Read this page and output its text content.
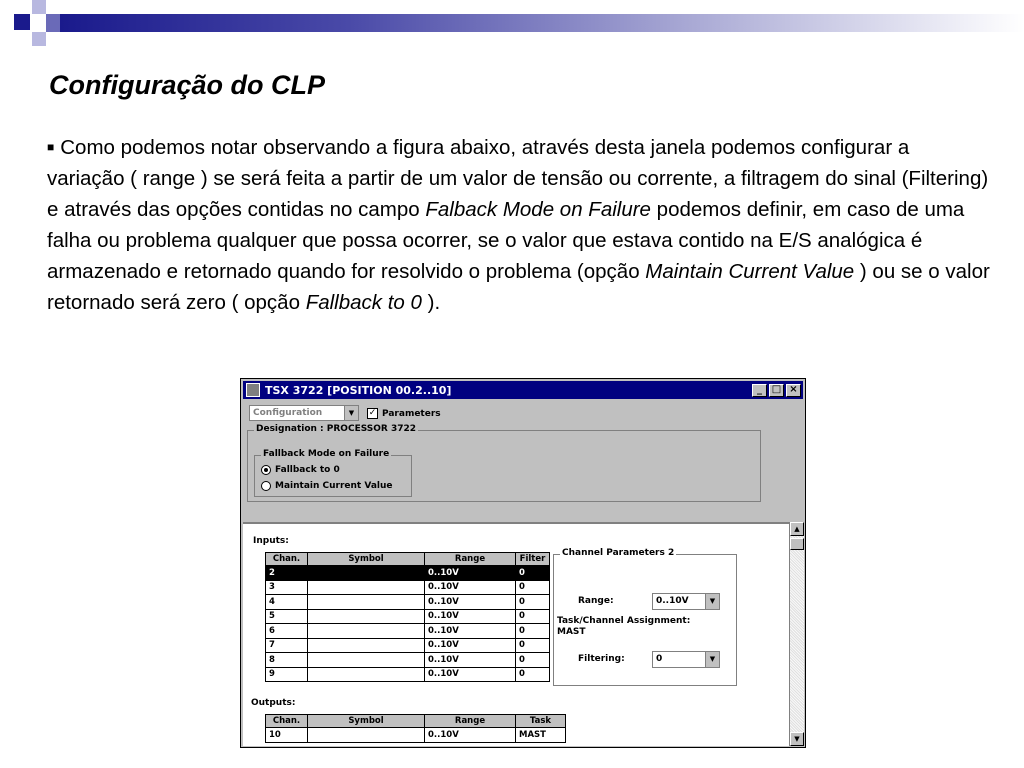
Configuração do CLP

■ Como podemos notar observando a figura abaixo, através desta janela podemos configurar a variação ( range ) se será feita a partir de um valor de tensão ou corrente, a filtragem do sinal (Filtering) e através das opções contidas no campo Falback Mode on Failure podemos definir, em caso de uma falha ou problema qualquer que possa ocorrer, se o valor que estava contido na E/S analógica é armazenado e retornado quando for resolvido o problema (opção Maintain Current Value ) ou se o valor retornado será zero ( opção Fallback to 0 ).

TSX 3722 [POSITION 00.2..10]	_ □ ×
Configuration	▼	✓ Parameters
Designation : PROCESSOR 3722
Fallback Mode on Failure
Fallback to 0
Maintain Current Value
Inputs:
Chan.	Symbol	Range	Filter
2		0..10V	0
3		0..10V	0
4		0..10V	0
5		0..10V	0
6		0..10V	0
7		0..10V	0
8		0..10V	0
9		0..10V	0
Channel Parameters 2
Range:	0..10V	▼
Task/Channel Assignment:
MAST
Filtering:	0	▼
Outputs:
Chan.	Symbol	Range	Task
10		0..10V	MAST
▲
▼
